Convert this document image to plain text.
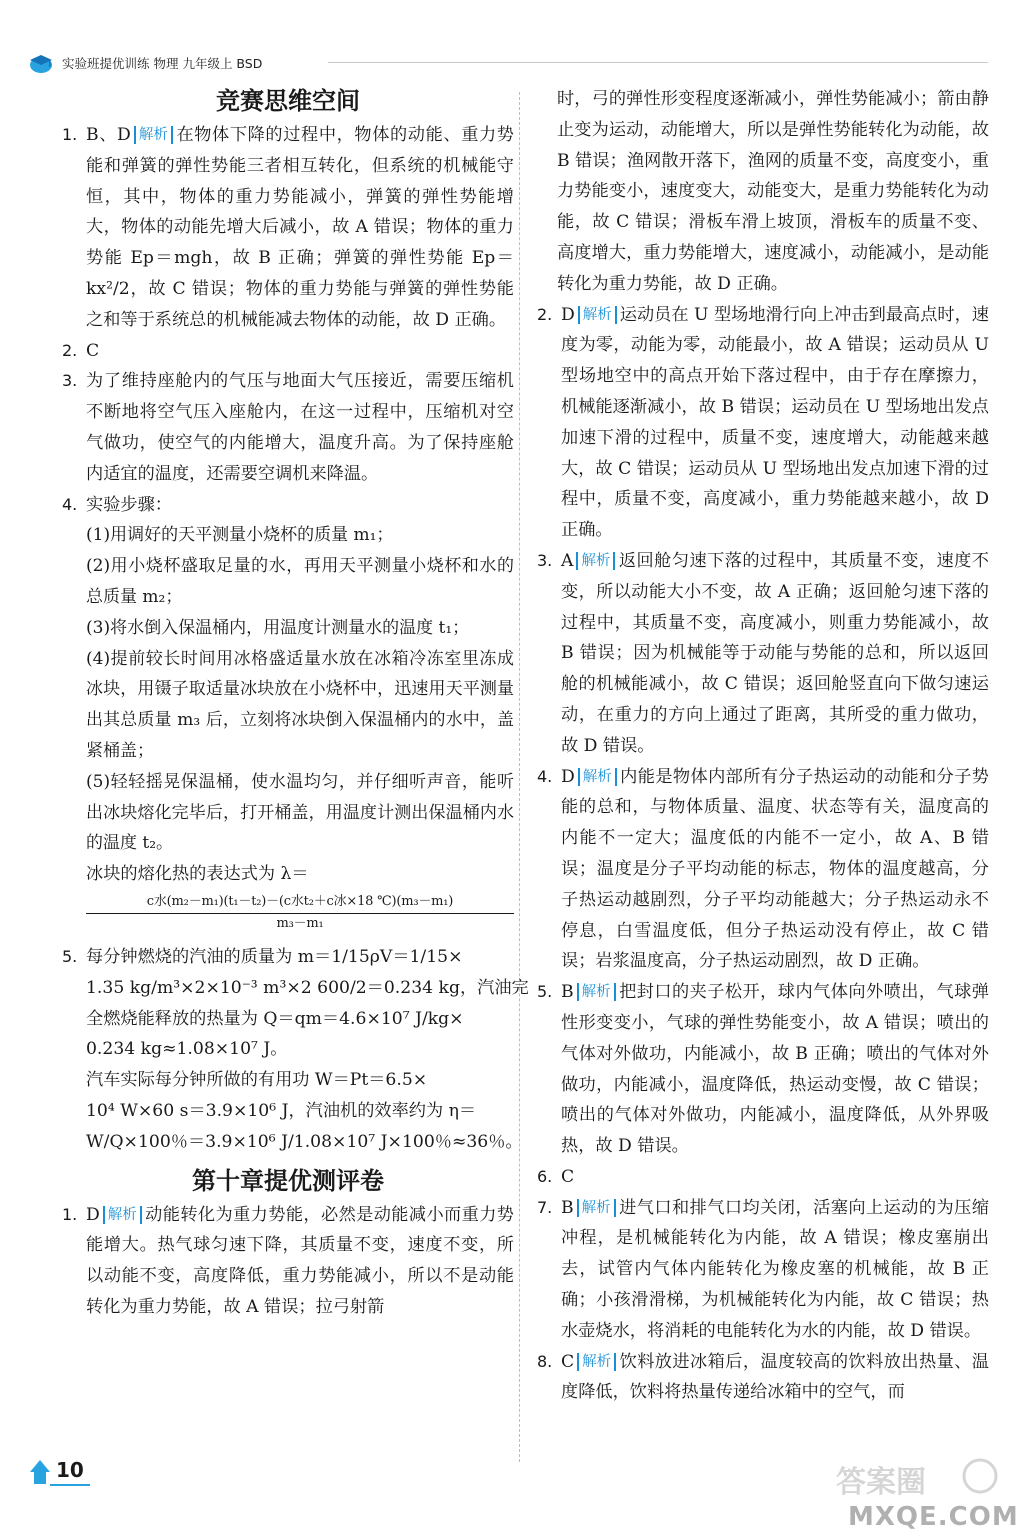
实验班提优训练 物理 九年级上 BSD
竞赛思维空间
1. B、D 解析 在物体下降的过程中，物体的动能、重力势能和弹簧的弹性势能三者相互转化，但系统的机械能守恒，其中，物体的重力势能减小，弹簧的弹性势能增大，物体的动能先增大后减小，故 A 错误；物体的重力势能 Ep＝mgh，故 B 正确；弹簧的弹性势能 Ep＝kx²/2，故 C 错误；物体的重力势能与弹簧的弹性势能之和等于系统总的机械能减去物体的动能，故 D 正确。
2. C
3. 为了维持座舱内的气压与地面大气压接近，需要压缩机不断地将空气压入座舱内，在这一过程中，压缩机对空气做功，使空气的内能增大，温度升高。为了保持座舱内适宜的温度，还需要空调机来降温。
4. 实验步骤：
(1)用调好的天平测量小烧杯的质量 m₁；
(2)用小烧杯盛取足量的水，再用天平测量小烧杯和水的总质量 m₂；
(3)将水倒入保温桶内，用温度计测量水的温度 t₁；
(4)提前较长时间用冰格盛适量水放在冰箱冷冻室里冻成冰块，用镊子取适量冰块放在小烧杯中，迅速用天平测量出其总质量 m₃ 后，立刻将冰块倒入保温桶内的水中，盖紧桶盖；
(5)轻轻摇晃保温桶，使水温均匀，并仔细听声音，能听出冰块熔化完毕后，打开桶盖，用温度计测出保温桶内水的温度 t₂。
冰块的熔化热的表达式为 λ＝
c水(m₂－m₁)(t₁－t₂)－(c水t₂＋c冰×18 ℃)(m₃－m₁)
m₃－m₁
5. 每分钟燃烧的汽油的质量为 m＝1/15ρV＝1/15×
1.35 kg/m³×2×10⁻³ m³×2 600/2＝0.234 kg，汽油完
全燃烧能释放的热量为 Q＝qm＝4.6×10⁷ J/kg×
0.234 kg≈1.08×10⁷ J。
汽车实际每分钟所做的有用功 W＝Pt＝6.5×
10⁴ W×60 s＝3.9×10⁶ J，汽油机的效率约为 η＝
W/Q×100％＝3.9×10⁶ J/1.08×10⁷ J×100％≈36％。
第十章提优测评卷
1. D 解析 动能转化为重力势能，必然是动能减小而重力势能增大。热气球匀速下降，其质量不变，速度不变，所以动能不变，高度降低，重力势能减小，所以不是动能转化为重力势能，故 A 错误；拉弓射箭
时，弓的弹性形变程度逐渐减小，弹性势能减小；箭由静止变为运动，动能增大，所以是弹性势能转化为动能，故 B 错误；渔网散开落下，渔网的质量不变，高度变小，重力势能变小，速度变大，动能变大，是重力势能转化为动能，故 C 错误；滑板车滑上坡顶，滑板车的质量不变、高度增大，重力势能增大，速度减小，动能减小，是动能转化为重力势能，故 D 正确。
2. D 解析 运动员在 U 型场地滑行向上冲击到最高点时，速度为零，动能为零，动能最小，故 A 错误；运动员从 U 型场地空中的高点开始下落过程中，由于存在摩擦力，机械能逐渐减小，故 B 错误；运动员在 U 型场地出发点加速下滑的过程中，质量不变，速度增大，动能越来越大，故 C 错误；运动员从 U 型场地出发点加速下滑的过程中，质量不变，高度减小，重力势能越来越小，故 D 正确。
3. A 解析 返回舱匀速下落的过程中，其质量不变，速度不变，所以动能大小不变，故 A 正确；返回舱匀速下落的过程中，其质量不变，高度减小，则重力势能减小，故 B 错误；因为机械能等于动能与势能的总和，所以返回舱的机械能减小，故 C 错误；返回舱竖直向下做匀速运动，在重力的方向上通过了距离，其所受的重力做功，故 D 错误。
4. D 解析 内能是物体内部所有分子热运动的动能和分子势能的总和，与物体质量、温度、状态等有关，温度高的内能不一定大；温度低的内能不一定小，故 A、B 错误；温度是分子平均动能的标志，物体的温度越高，分子热运动越剧烈，分子平均动能越大；分子热运动永不停息，白雪温度低，但分子热运动没有停止，故 C 错误；岩浆温度高，分子热运动剧烈，故 D 正确。
5. B 解析 把封口的夹子松开，球内气体向外喷出，气球弹性形变变小，气球的弹性势能变小，故 A 错误；喷出的气体对外做功，内能减小，故 B 正确；喷出的气体对外做功，内能减小，温度降低，热运动变慢，故 C 错误；喷出的气体对外做功，内能减小，温度降低，从外界吸热，故 D 错误。
6. C
7. B 解析 进气口和排气口均关闭，活塞向上运动的为压缩冲程，是机械能转化为内能，故 A 错误；橡皮塞崩出去，试管内气体内能转化为橡皮塞的机械能，故 B 正确；小孩滑滑梯，为机械能转化为内能，故 C 错误；热水壶烧水，将消耗的电能转化为水的内能，故 D 错误。
8. C 解析 饮料放进冰箱后，温度较高的饮料放出热量、温度降低，饮料将热量传递给冰箱中的空气，而
10	答案圈
MXQE.COM
